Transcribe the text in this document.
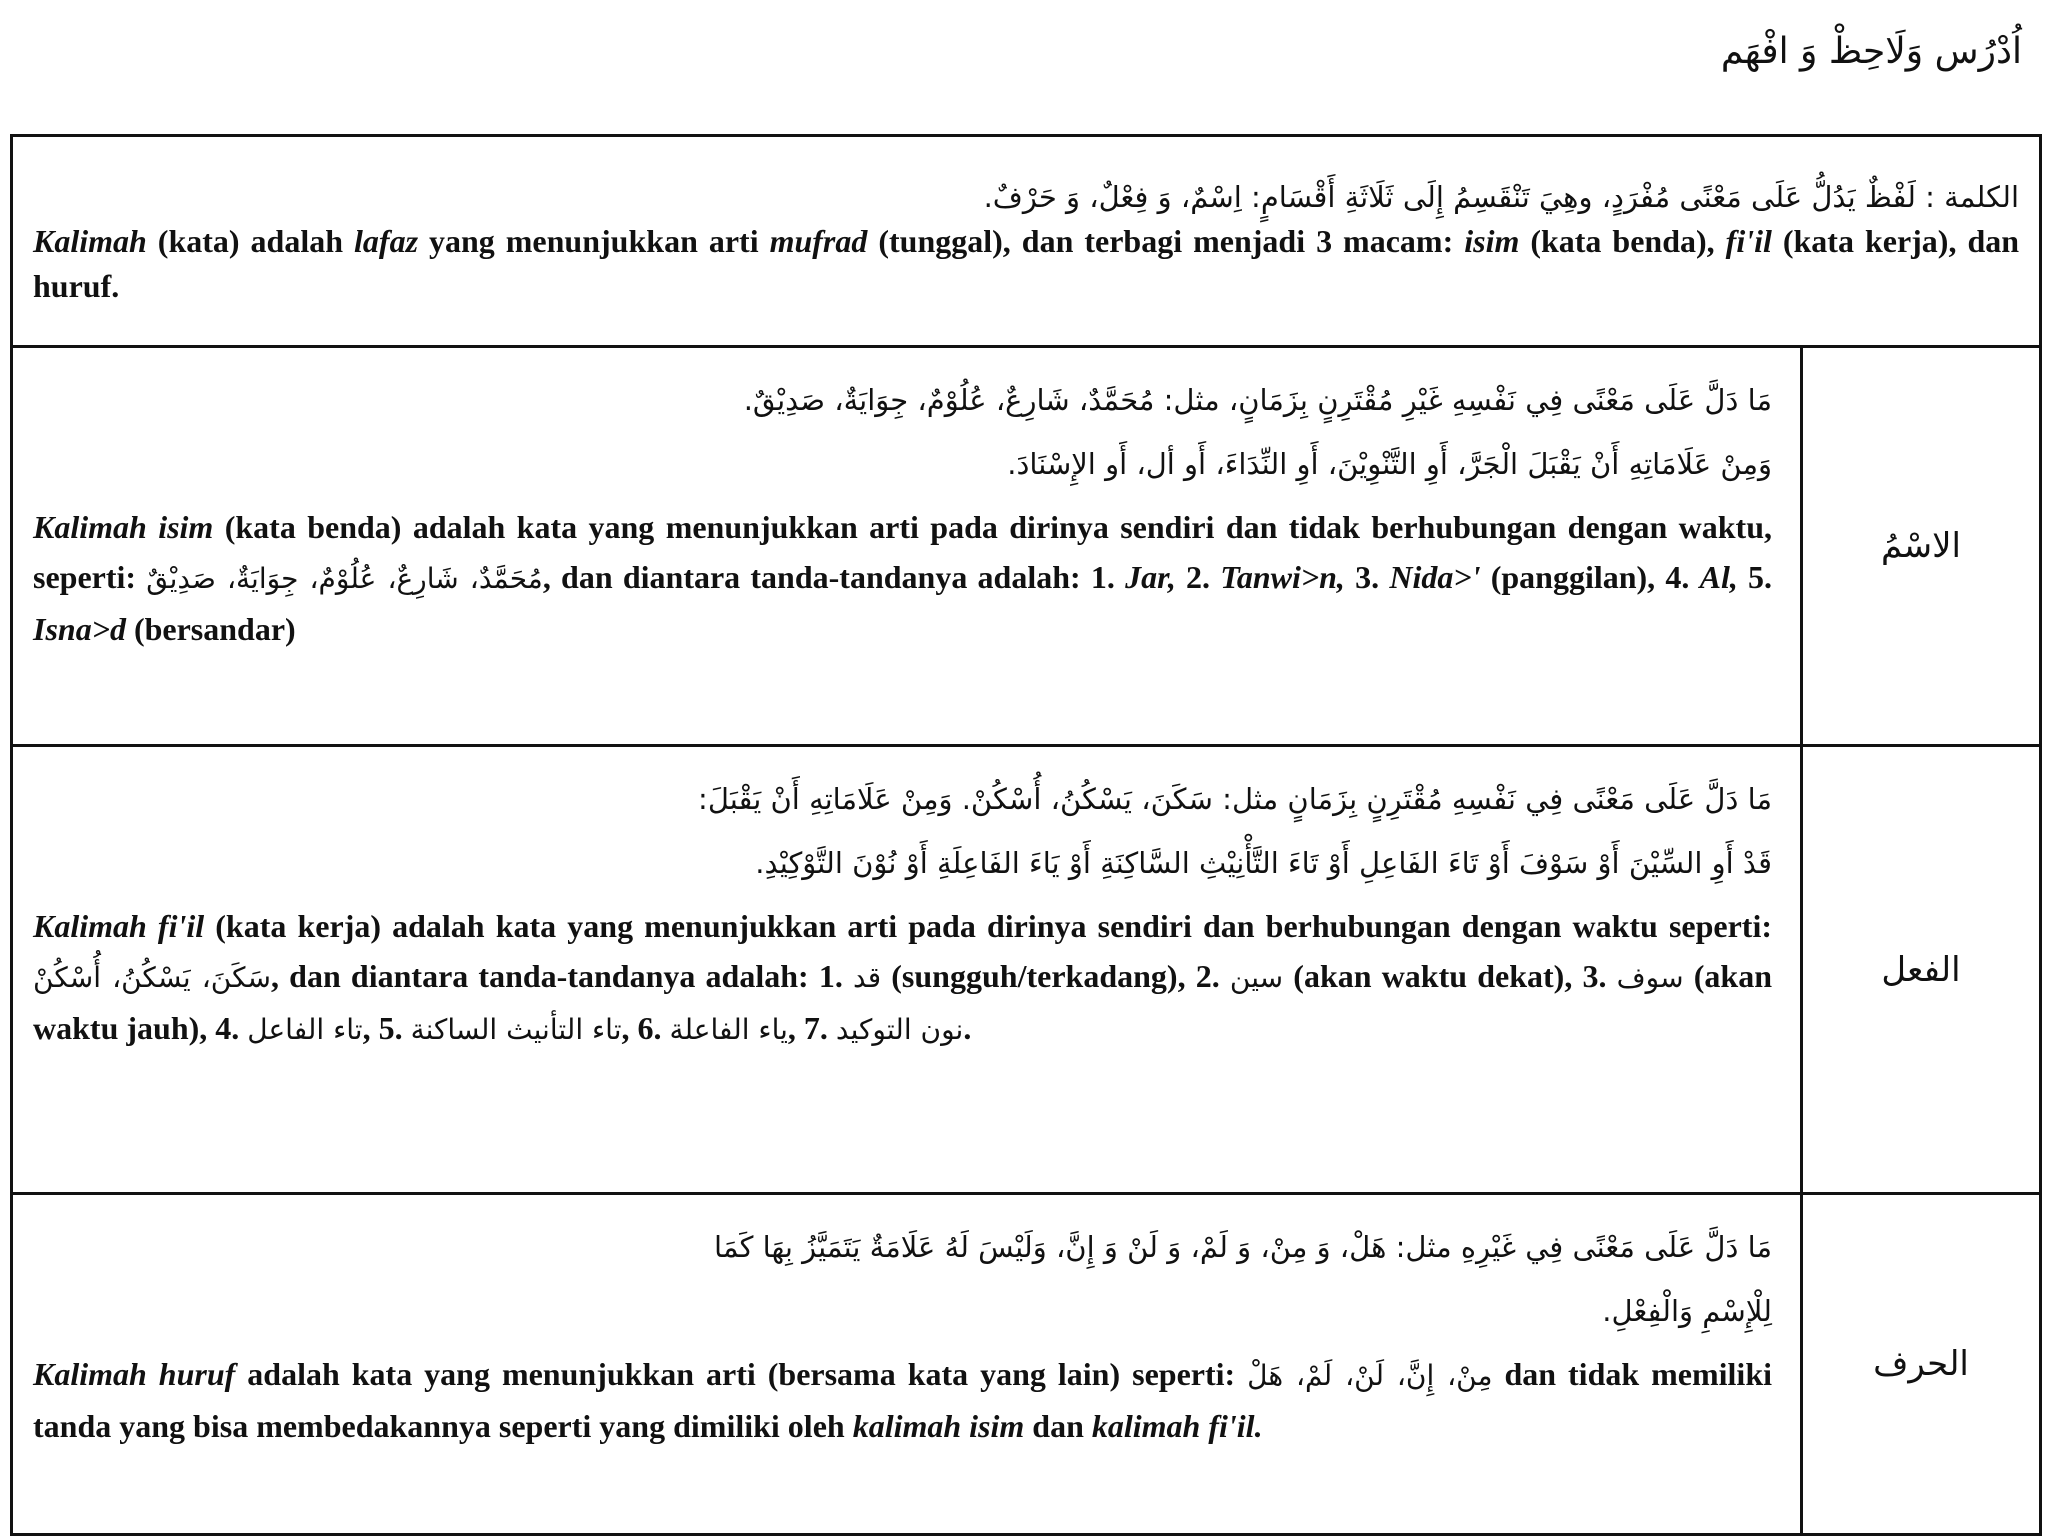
اُدْرُس وَلَاحِظْ وَ افْهَم
الكلمة : لَفْظٌ يَدُلُّ عَلَى مَعْنًى مُفْرَدٍ، وهِيَ تَنْقَسِمُ إِلَى ثَلَاثَةِ أَقْسَامٍ: اِسْمٌ، وَ فِعْلٌ، وَ حَرْفٌ.
Kalimah (kata) adalah lafaz yang menunjukkan arti mufrad (tunggal), dan terbagi menjadi 3 macam: isim (kata benda), fi'il (kata kerja), dan huruf.
مَا دَلَّ عَلَى مَعْنًى فِي نَفْسِهِ غَيْرِ مُقْتَرِنٍ بِزَمَانٍ، مثل: مُحَمَّدٌ، شَارِعٌ، عُلُوْمٌ، جِوَايَةٌ، صَدِيْقٌ.
وَمِنْ عَلَامَاتِهِ أَنْ يَقْبَلَ الْجَرَّ، أَوِ التَّنْوِيْنَ، أَوِ النِّدَاءَ، أَو أل، أَو الإِسْنَادَ.
Kalimah isim (kata benda) adalah kata yang menunjukkan arti pada dirinya sendiri dan tidak berhubungan dengan waktu, seperti: مُحَمَّدٌ، شَارِعٌ، عُلُوْمٌ، جِوَايَةٌ، صَدِيْقٌ, dan diantara tanda-tandanya adalah: 1. Jar, 2. Tanwi>n, 3. Nida>' (panggilan), 4. Al, 5. Isna>d (bersandar)
الاسْمُ
مَا دَلَّ عَلَى مَعْنًى فِي نَفْسِهِ مُقْتَرِنٍ بِزَمَانٍ مثل: سَكَنَ، يَسْكُنُ، أُسْكُنْ. وَمِنْ عَلَامَاتِهِ أَنْ يَقْبَلَ:
قَدْ أَوِ السِّيْنَ أَوْ سَوْفَ أَوْ تَاءَ الفَاعِلِ أَوْ تَاءَ التَّأْنِيْثِ السَّاكِنَةِ أَوْ يَاءَ الفَاعِلَةِ أَوْ نُوْنَ التَّوْكِيْدِ.
Kalimah fi'il (kata kerja) adalah kata yang menunjukkan arti pada dirinya sendiri dan berhubungan dengan waktu seperti: سَكَنَ، يَسْكُنُ، أُسْكُنْ, dan diantara tanda-tandanya adalah: 1. قد (sungguh/terkadang), 2. سين (akan waktu dekat), 3. سوف (akan waktu jauh), 4. تاء الفاعل, 5. تاء التأنيث الساكنة, 6. ياء الفاعلة, 7. نون التوكيد.
الفعل
مَا دَلَّ عَلَى مَعْنًى فِي غَيْرِهِ مثل: هَلْ، وَ مِنْ، وَ لَمْ، وَ لَنْ وَ إِنَّ، وَلَيْسَ لَهُ عَلَامَةٌ يَتَمَيَّزُ بِهَا كَمَا
لِلْإِسْمِ وَالْفِعْلِ.
Kalimah huruf adalah kata yang menunjukkan arti (bersama kata yang lain) seperti: مِنْ، إِنَّ، لَنْ، لَمْ، هَلْ dan tidak memiliki tanda yang bisa membedakannya seperti yang dimiliki oleh kalimah isim dan kalimah fi'il.
الحرف
